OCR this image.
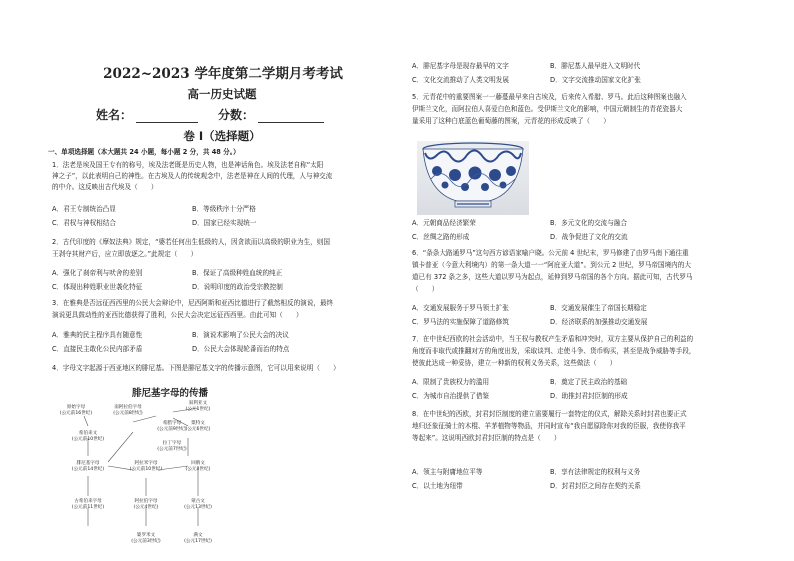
2022~2023 学年度第二学期月考考试
高一历史试题
姓名：	分数：
卷 I（选择题）
一、单项选择题（本大题共 24 小题，每小题 2 分，共 48 分。）
1．法老是埃及国王专有的称号，埃及法老既是历史人物，也是神话角色。埃及法老自称“太阳
神之子”，以此表明自己的神性。在古埃及人的传统观念中，法老是神在人间的代理，人与神交流
的中介。这反映出古代埃及（　　）
A．君王专制统治凸显	B．等级秩序十分严格
C．君权与神权相结合	D．国家已经实现统一
2．古代印度的《摩奴法典》规定，“婆若任何出生低级的人，因贪欲而以高级的职业为生，则国
王剥夺其财产后，应立即放逐之。”此规定（　　）
A．强化了刹帝利与吠舍的差别	B．保证了高级种姓血统的纯正
C．体现出种姓职业世袭化特征	D．说明印度的政治受宗教控制
3．在雅典是否远征西西里的公民大会辩论中，尼西阿斯和亚西比德进行了截然相反的演说，最终
演说更具鼓动性的亚西比德获得了胜利，公民大会决定远征西西里。由此可知（　　）
A．雅典的民主程序具有随意性	B．演说术影响了公民大会的决议
C．直接民主敢化公民内部矛盾	D．公民大会体现轮番而治的特点
4．字母文字起源于西亚地区的腓尼基。下图是腓尼基文字的传播示意图，它可以用来说明（　　）
腓尼基字母的传播
原始字母
(公元前16世纪)
南阿拉伯字母
(公元前8世纪)
希腊字母
(公元前9世纪)
叙利亚文
(公元1世纪)
粟特文
(公元6世纪)
希伯来文
(公元前10世纪)
腓尼基字母
(公元前14世纪)
阿拉米字母
(公元前10世纪)
回鹘文
(公元8世纪)
拉丁字母
(公元前7世纪)
阿拉伯字母
(公元4世纪)
蒙古文
(公元13世纪)
古希伯来字母
(公元前11世纪)
婆罗米文
(公元前3世纪)
满文
(公元17世纪)
A．腓尼基字母是现存最早的文字	B．腓尼基人最早进入文明时代
C．文化交流推动了人类文明发展	D．文字交流推动国家文化扩张
5．元青花中的重要图案一一藤蔓最早来自古埃及，后来传入希腊、罗马。此后这种图案也融入
伊斯兰文化，而阿拉伯人喜爱白色和蓝色。受伊斯兰文化的影响，中国元朝制生的青花瓷器大
量采用了这种白底蓝色葡萄藤的图案，元青花的形成反映了（　　）
A．元朝商品经济繁荣	B．多元文化的交流与融合
C．丝绸之路的形成	D．战争促进了文化的交流
6．“条条大路通罗马”这句西方谚语家喻户晓。公元前 4 世纪末，罗马修建了由罗马南下通往重
镇卡普亚（今意大利境内）的第一条大道一一“阿庇亚大道”。到公元 2 世纪，罗马帝国境内的大
道已有 372 条之多，这些大道以罗马为起点，延伸到罗马帝国的各个方向。据此可知，古代罗马
（　　）
A．交通发展服务于罗马领土扩张	B．交通发展催生了帝国长期稳定
C．罗马法的实施保障了道路修筑	D．经济联系的加强推动交通发展
7．在中世纪西欧的社会活动中，当王权与教权产生矛盾和冲突时，双方主要从保护自己的利益的
角度而非取代或推翻对方的角度出发，采取谈判、走使斗争、货币购买，甚至是战争威胁等手段，
使彼此达成一种妥协，建立一种新的权利义务关系，这些做法（　　）
A．限制了贵族权力的滥用	B．奠定了民主政治的基础
C．为城市自治提供了借鉴	D．助推封君封臣制的形成
8．在中世纪的西欧，封君封臣制度的建立需要履行一套特定的仪式，解除关系时封君也要正式
地归还象征骑士的木棍、羊茅植物等物品，并同时宣布“我自愿原除你对我的臣服，我使你我平
等起来”。这说明西欧封君封臣制的特点是（　　）
A．领主与附庸地位平等	B．享有法律规定的权利与义务
C．以土地为纽带	D．封君封臣之间存在契约关系
